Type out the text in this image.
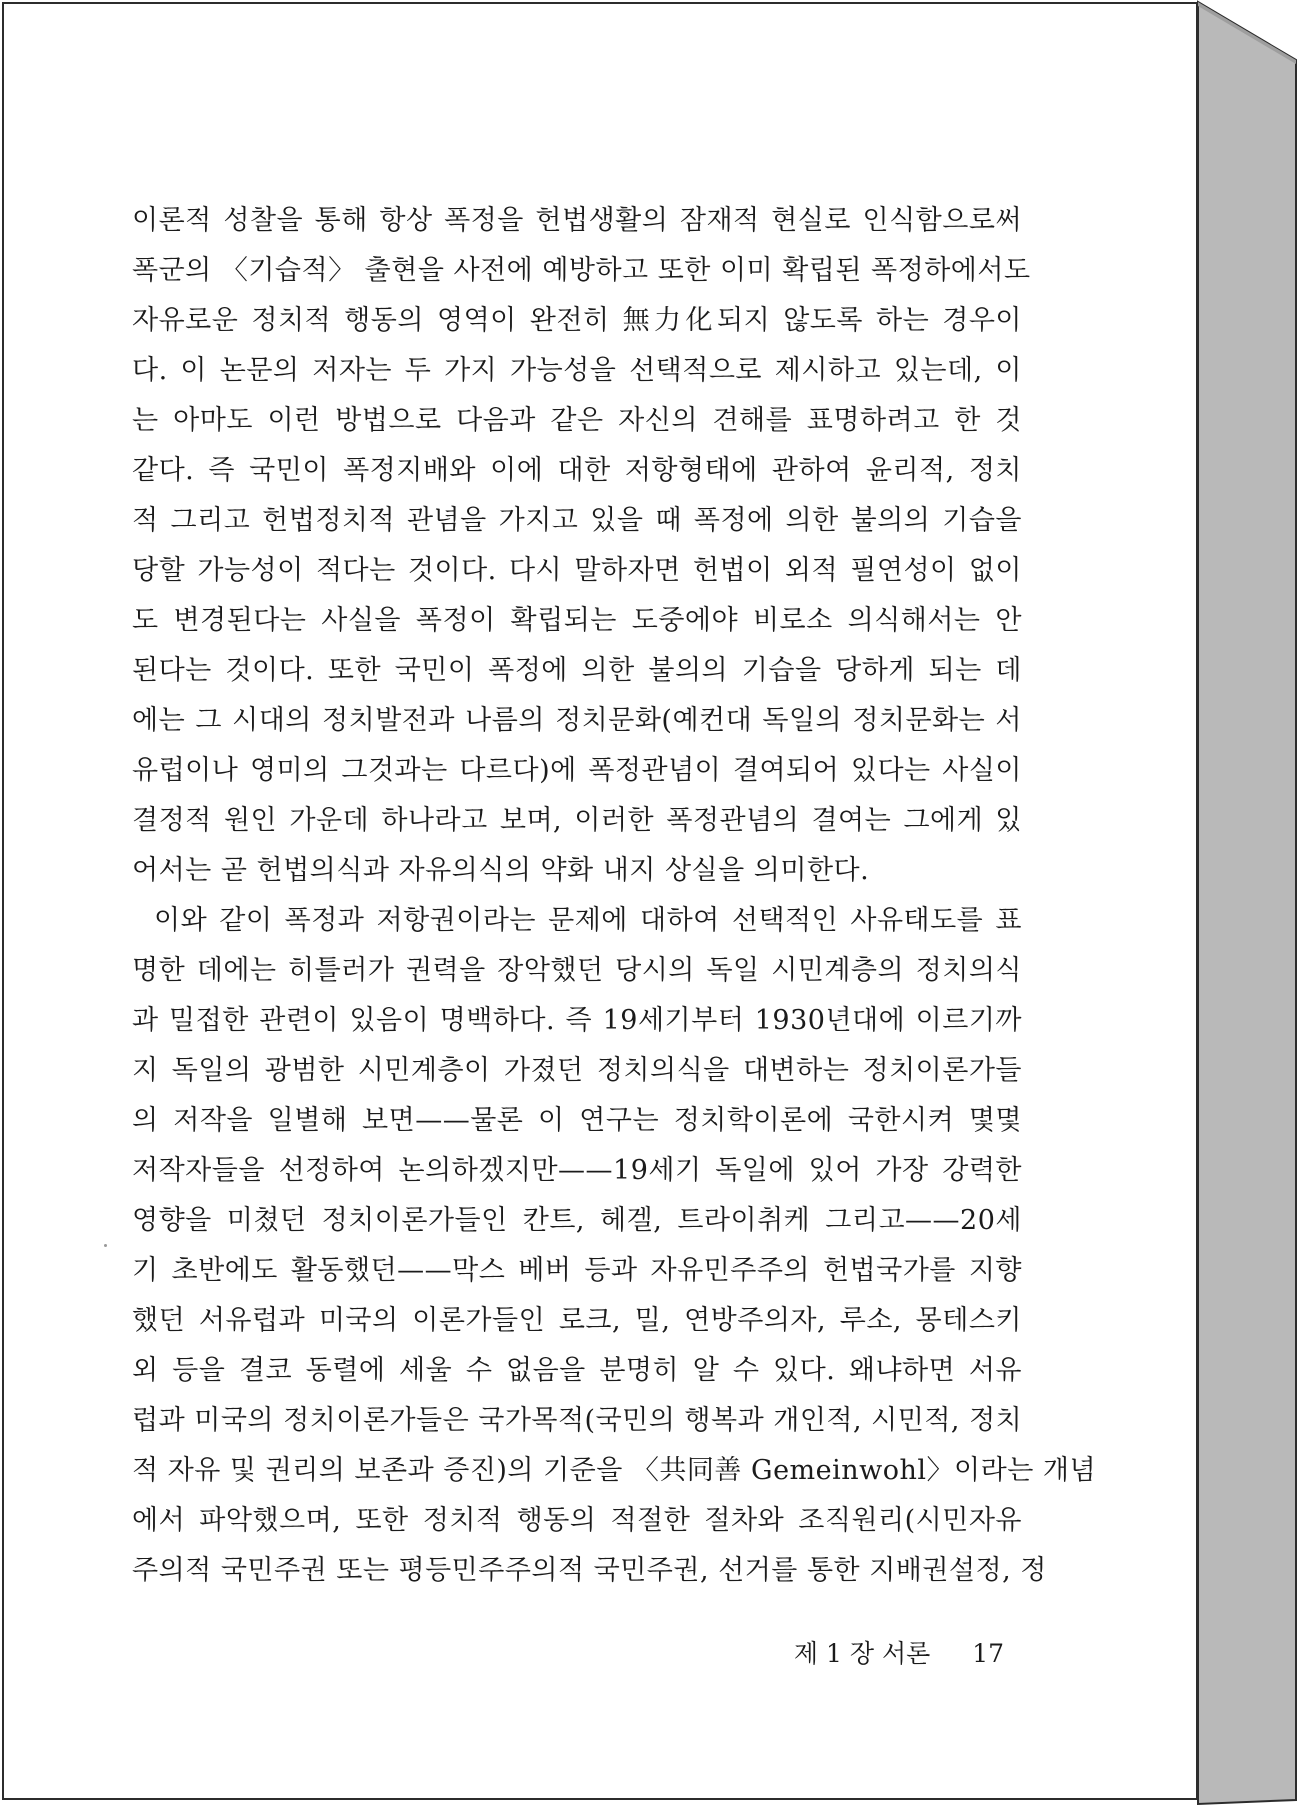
이론적 성찰을 통해 항상 폭정을 헌법생활의 잠재적 현실로 인식함으로써
폭군의 〈기습적〉 출현을 사전에 예방하고 또한 이미 확립된 폭정하에서도
자유로운 정치적 행동의 영역이 완전히 無力化되지 않도록 하는 경우이
다. 이 논문의 저자는 두 가지 가능성을 선택적으로 제시하고 있는데, 이
는 아마도 이런 방법으로 다음과 같은 자신의 견해를 표명하려고 한 것
같다. 즉 국민이 폭정지배와 이에 대한 저항형태에 관하여 윤리적, 정치
적 그리고 헌법정치적 관념을 가지고 있을 때 폭정에 의한 불의의 기습을
당할 가능성이 적다는 것이다. 다시 말하자면 헌법이 외적 필연성이 없이
도 변경된다는 사실을 폭정이 확립되는 도중에야 비로소 의식해서는 안
된다는 것이다. 또한 국민이 폭정에 의한 불의의 기습을 당하게 되는 데
에는 그 시대의 정치발전과 나름의 정치문화(예컨대 독일의 정치문화는 서
유럽이나 영미의 그것과는 다르다)에 폭정관념이 결여되어 있다는 사실이
결정적 원인 가운데 하나라고 보며, 이러한 폭정관념의 결여는 그에게 있
어서는 곧 헌법의식과 자유의식의 약화 내지 상실을 의미한다.
이와 같이 폭정과 저항권이라는 문제에 대하여 선택적인 사유태도를 표
명한 데에는 히틀러가 권력을 장악했던 당시의 독일 시민계층의 정치의식
과 밀접한 관련이 있음이 명백하다. 즉 19세기부터 1930년대에 이르기까
지 독일의 광범한 시민계층이 가졌던 정치의식을 대변하는 정치이론가들
의 저작을 일별해 보면——물론 이 연구는 정치학이론에 국한시켜 몇몇
저작자들을 선정하여 논의하겠지만——19세기 독일에 있어 가장 강력한
영향을 미쳤던 정치이론가들인 칸트, 헤겔, 트라이취케 그리고——20세
기 초반에도 활동했던——막스 베버 등과 자유민주주의 헌법국가를 지향
했던 서유럽과 미국의 이론가들인 로크, 밀, 연방주의자, 루소, 몽테스키
외 등을 결코 동렬에 세울 수 없음을 분명히 알 수 있다. 왜냐하면 서유
럽과 미국의 정치이론가들은 국가목적(국민의 행복과 개인적, 시민적, 정치
적 자유 및 권리의 보존과 증진)의 기준을 〈共同善 Gemeinwohl〉이라는 개념
에서 파악했으며, 또한 정치적 행동의 적절한 절차와 조직원리(시민자유
주의적 국민주권 또는 평등민주주의적 국민주권, 선거를 통한 지배권설정, 정
제 1 장 서론 17
